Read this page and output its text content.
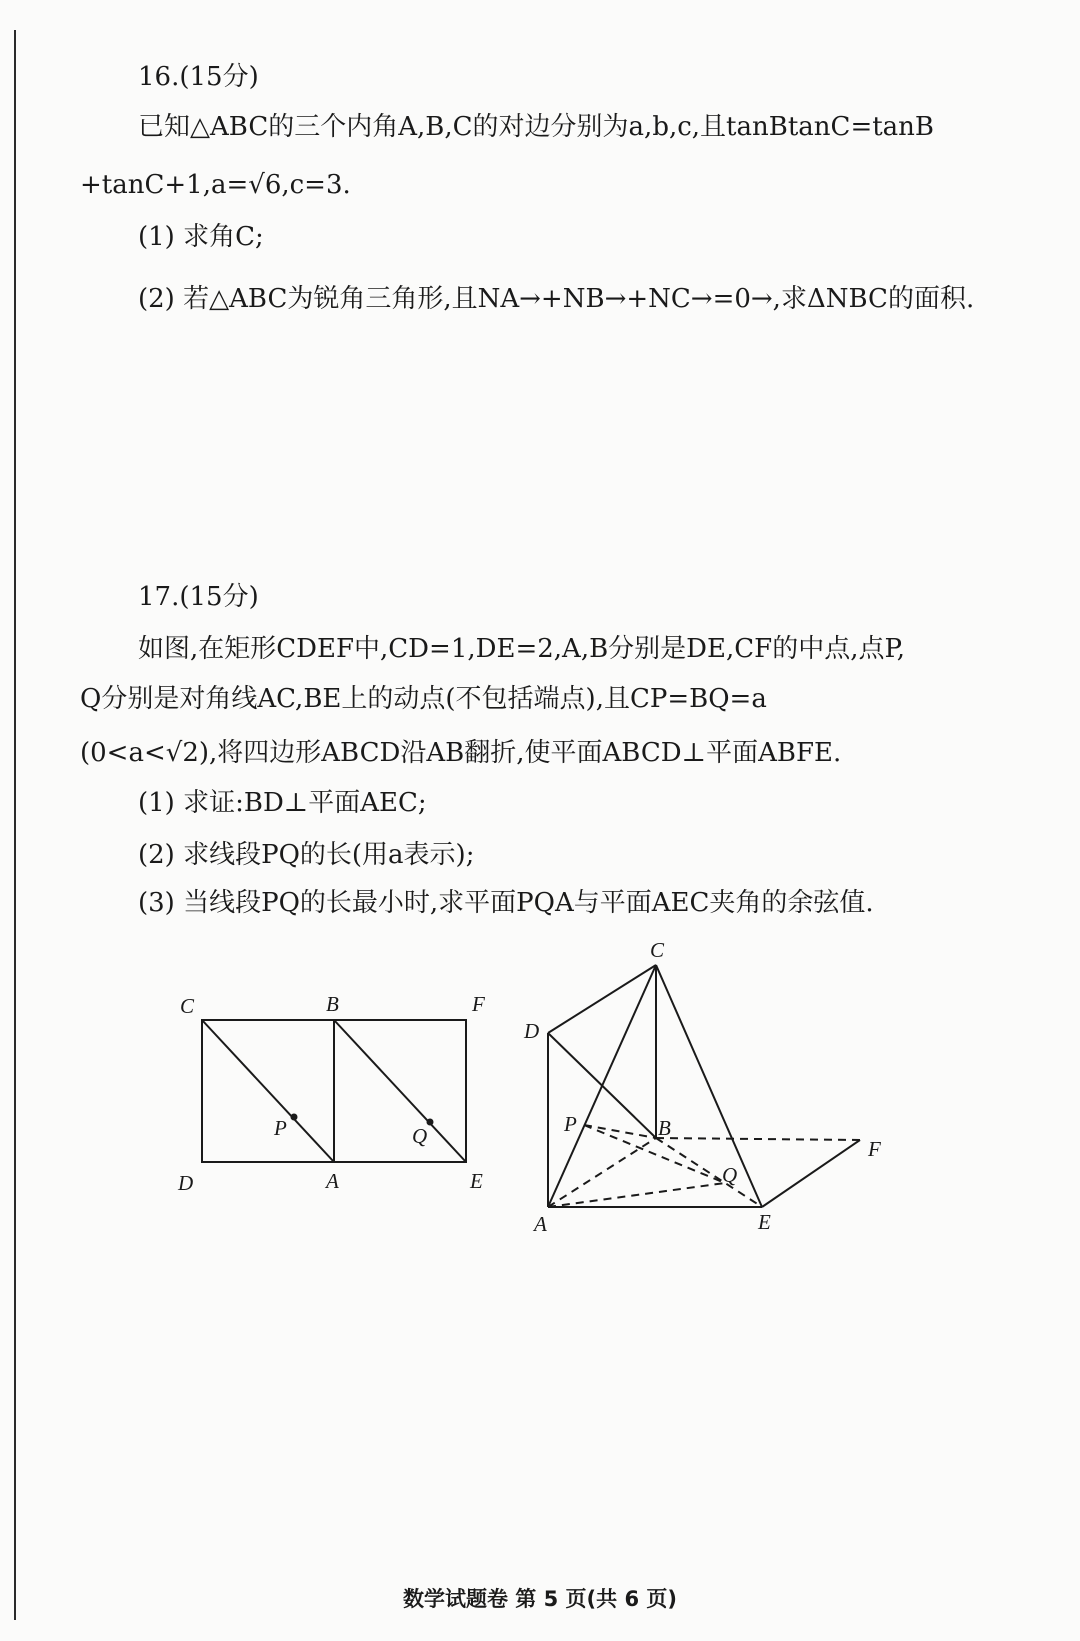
16.(15分)
已知△ABC的三个内角A,B,C的对边分别为a,b,c,且tanBtanC=tanB
+tanC+1,a=√6,c=3.
(1) 求角C;
(2) 若△ABC为锐角三角形,且NA→+NB→+NC→=0→,求ΔNBC的面积.
17.(15分)
如图,在矩形CDEF中,CD=1,DE=2,A,B分别是DE,CF的中点,点P,
Q分别是对角线AC,BE上的动点(不包括端点),且CP=BQ=a
(0<a<√2),将四边形ABCD沿AB翻折,使平面ABCD⊥平面ABFE.
(1) 求证:BD⊥平面AEC;
(2) 求线段PQ的长(用a表示);
(3) 当线段PQ的长最小时,求平面PQA与平面AEC夹角的余弦值.
C	B	F
P	Q
D	A	E
C
D
P	B
F
Q
A	E
数学试题卷 第 5 页(共 6 页)
